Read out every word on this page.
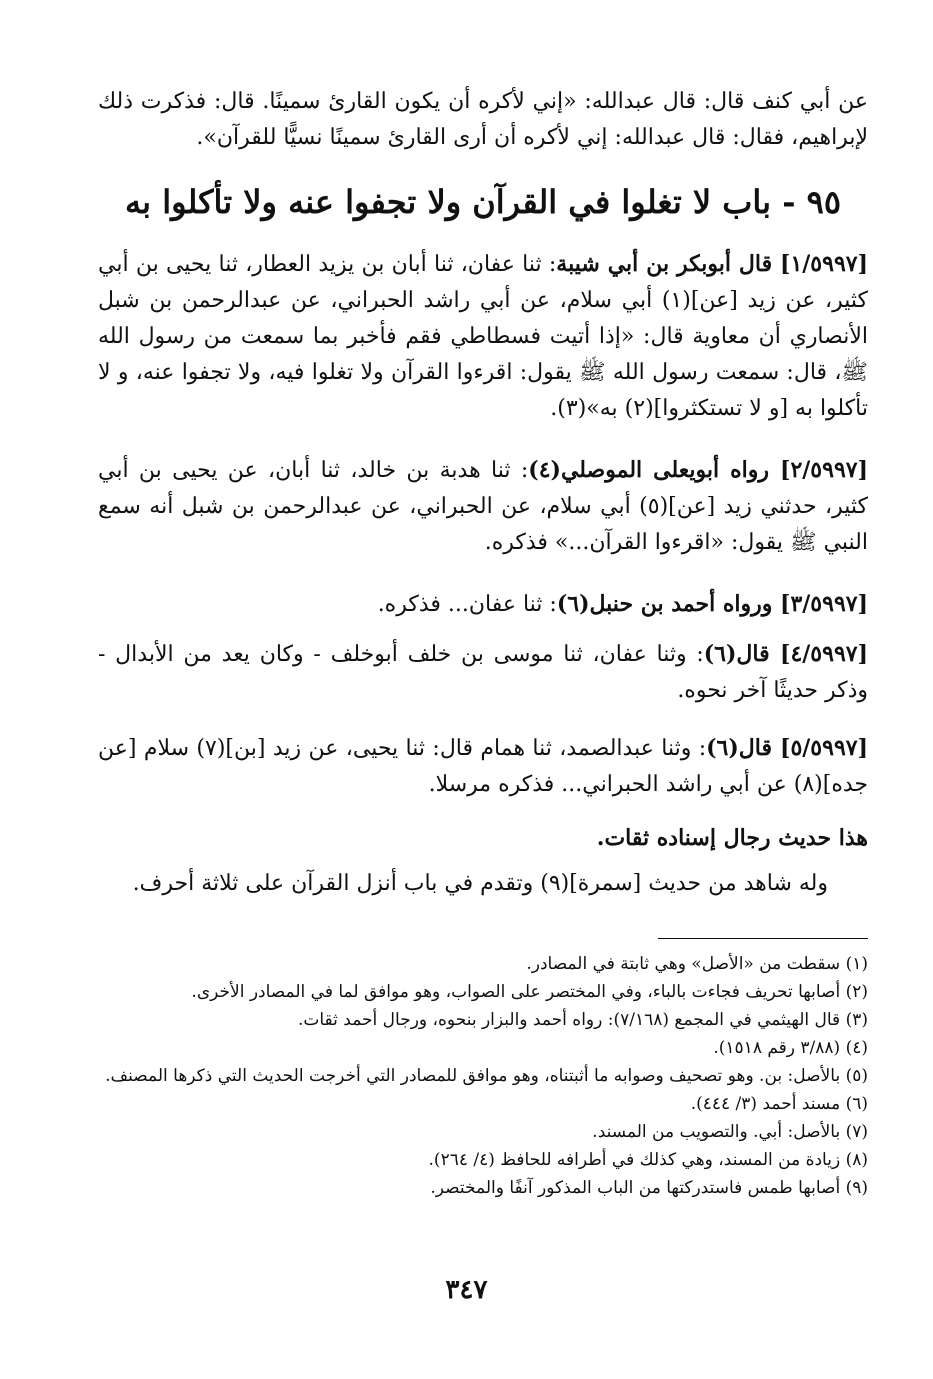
عن أبي كنف قال: قال عبدالله: «إني لأكره أن يكون القارئ سمينًا. قال: فذكرت ذلك لإبراهيم، فقال: قال عبدالله: إني لأكره أن أرى القارئ سمينًا نسيًّا للقرآن».

٩٥ - باب لا تغلوا في القرآن ولا تجفوا عنه ولا تأكلوا به

[١/٥٩٩٧] قال أبوبكر بن أبي شيبة: ثنا عفان، ثنا أبان بن يزيد العطار، ثنا يحيى بن أبي كثير، عن زيد [عن](١) أبي سلام، عن أبي راشد الحبراني، عن عبدالرحمن بن شبل الأنصاري أن معاوية قال: «إذا أتيت فسطاطي فقم فأخبر بما سمعت من رسول الله ﷺ، قال: سمعت رسول الله ﷺ يقول: اقرءوا القرآن ولا تغلوا فيه، ولا تجفوا عنه، و لا تأكلوا به [و لا تستكثروا](٢) به»(٣).

[٢/٥٩٩٧] رواه أبويعلى الموصلي(٤): ثنا هدبة بن خالد، ثنا أبان، عن يحيى بن أبي كثير، حدثني زيد [عن](٥) أبي سلام، عن الحبراني، عن عبدالرحمن بن شبل أنه سمع النبي ﷺ يقول: «اقرءوا القرآن...» فذكره.

[٣/٥٩٩٧] ورواه أحمد بن حنبل(٦): ثنا عفان... فذكره.

[٤/٥٩٩٧] قال(٦): وثنا عفان، ثنا موسى بن خلف أبوخلف - وكان يعد من الأبدال - وذكر حديثًا آخر نحوه.

[٥/٥٩٩٧] قال(٦): وثنا عبدالصمد، ثنا همام قال: ثنا يحيى، عن زيد [بن](٧) سلام [عن جده](٨) عن أبي راشد الحبراني... فذكره مرسلا.

هذا حديث رجال إسناده ثقات.

وله شاهد من حديث [سمرة](٩) وتقدم في باب أنزل القرآن على ثلاثة أحرف.

(١) سقطت من «الأصل» وهي ثابتة في المصادر.

(٢) أصابها تحريف فجاءت بالباء، وفي المختصر على الصواب، وهو موافق لما في المصادر الأخرى.

(٣) قال الهيثمي في المجمع (٧/١٦٨): رواه أحمد والبزار بنحوه، ورجال أحمد ثقات.

(٤) (٣/٨٨ رقم ١٥١٨).

(٥) بالأصل: بن. وهو تصحيف وصوابه ما أثبتناه، وهو موافق للمصادر التي أخرجت الحديث التي ذكرها المصنف.

(٦) مسند أحمد (٣/ ٤٤٤).

(٧) بالأصل: أبي. والتصويب من المسند.

(٨) زيادة من المسند، وهي كذلك في أطرافه للحافظ (٤/ ٢٦٤).

(٩) أصابها طمس فاستدركتها من الباب المذكور آنفًا والمختصر.

٣٤٧
